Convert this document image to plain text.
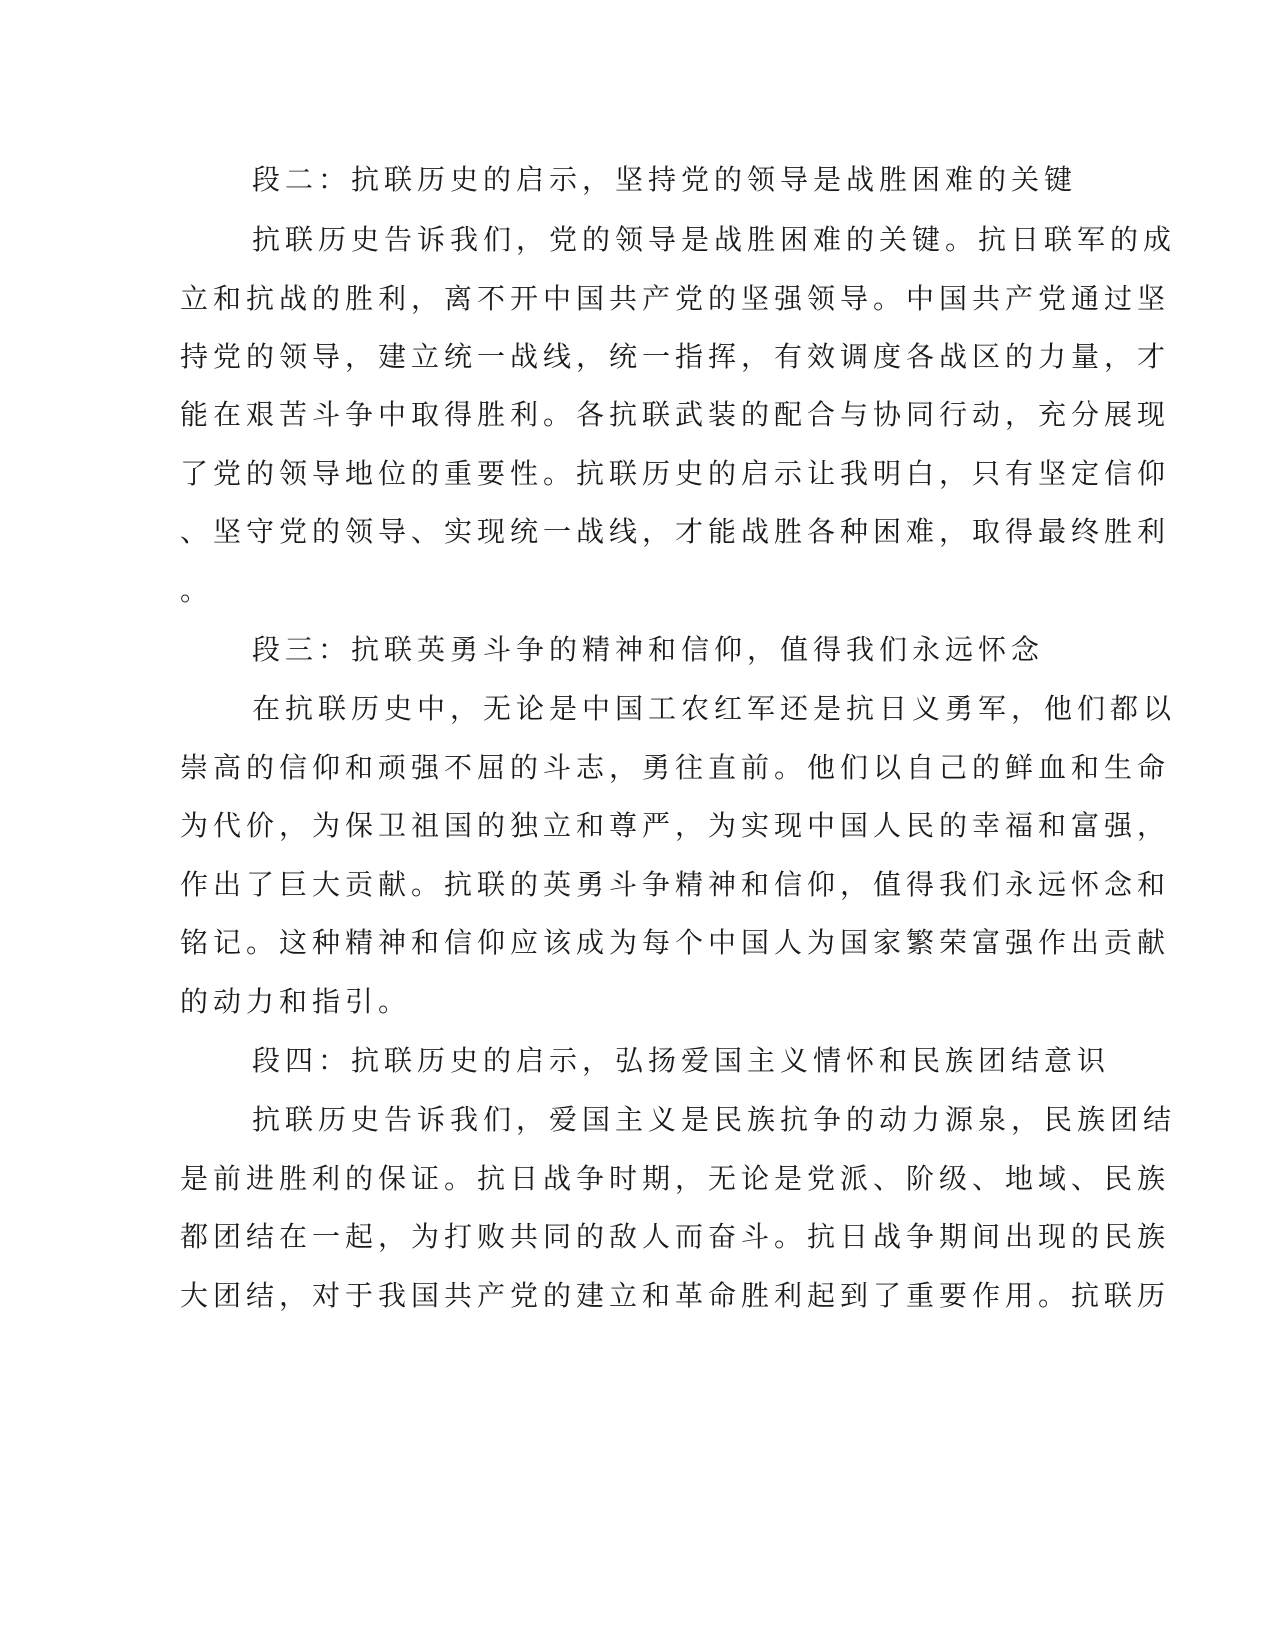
段二：抗联历史的启示，坚持党的领导是战胜困难的关键
抗联历史告诉我们，党的领导是战胜困难的关键。抗日联军的成
立和抗战的胜利，离不开中国共产党的坚强领导。中国共产党通过坚
持党的领导，建立统一战线，统一指挥，有效调度各战区的力量，才
能在艰苦斗争中取得胜利。各抗联武装的配合与协同行动，充分展现
了党的领导地位的重要性。抗联历史的启示让我明白，只有坚定信仰
、坚守党的领导、实现统一战线，才能战胜各种困难，取得最终胜利
。
段三：抗联英勇斗争的精神和信仰，值得我们永远怀念
在抗联历史中，无论是中国工农红军还是抗日义勇军，他们都以
崇高的信仰和顽强不屈的斗志，勇往直前。他们以自己的鲜血和生命
为代价，为保卫祖国的独立和尊严，为实现中国人民的幸福和富强，
作出了巨大贡献。抗联的英勇斗争精神和信仰，值得我们永远怀念和
铭记。这种精神和信仰应该成为每个中国人为国家繁荣富强作出贡献
的动力和指引。
段四：抗联历史的启示，弘扬爱国主义情怀和民族团结意识
抗联历史告诉我们，爱国主义是民族抗争的动力源泉，民族团结
是前进胜利的保证。抗日战争时期，无论是党派、阶级、地域、民族
都团结在一起，为打败共同的敌人而奋斗。抗日战争期间出现的民族
大团结，对于我国共产党的建立和革命胜利起到了重要作用。抗联历
